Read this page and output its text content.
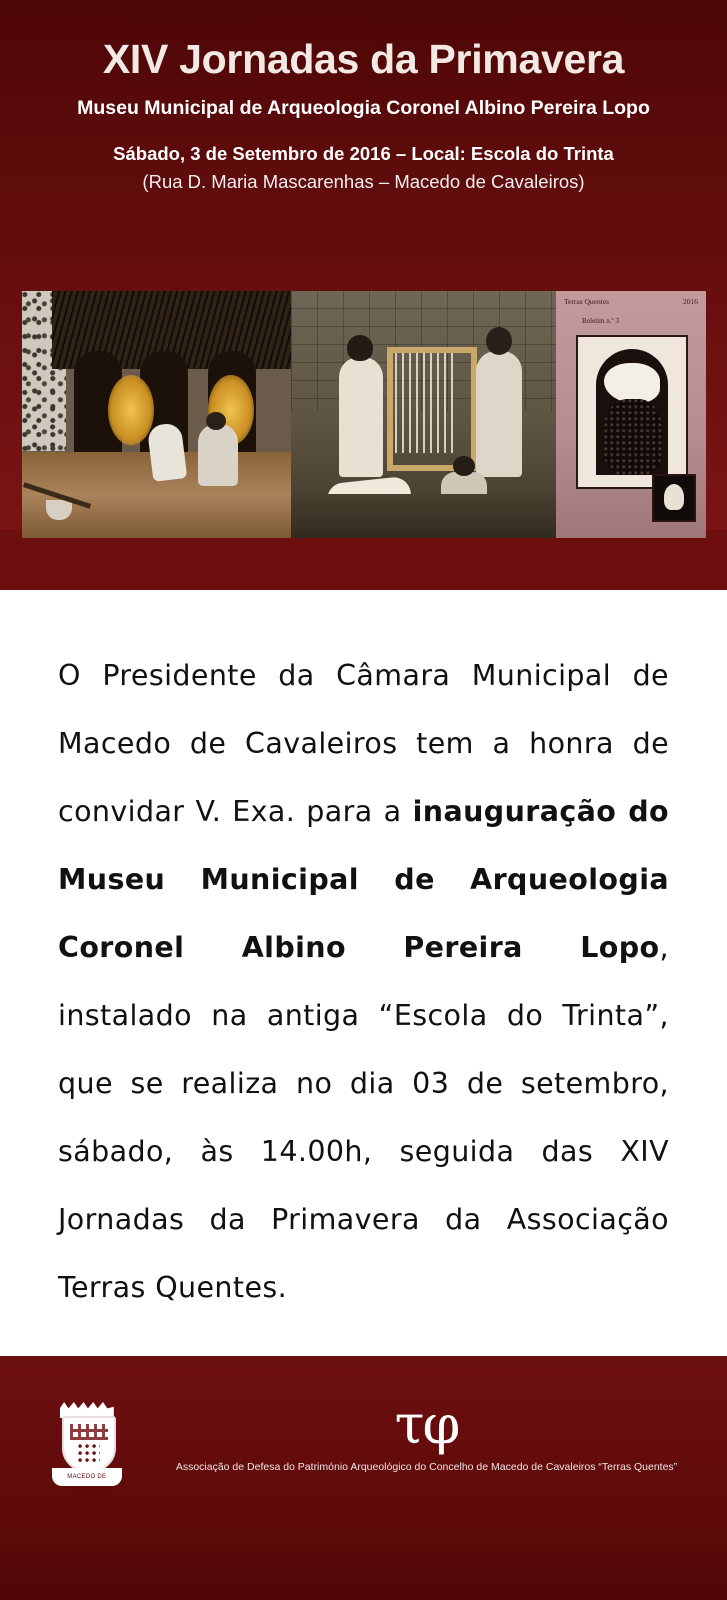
XIV Jornadas da Primavera
Museu Municipal de Arqueologia Coronel Albino Pereira Lopo
Sábado, 3 de Setembro de 2016 – Local: Escola do Trinta
(Rua D. Maria Mascarenhas – Macedo de Cavaleiros)
Terras Quentes	2016
Boletim n.º 3

O Presidente da Câmara Municipal de Macedo de Cavaleiros tem a honra de convidar V. Exa. para a inauguração do Museu Municipal de Arqueologia Coronel Albino Pereira Lopo, instalado na antiga “Escola do Trinta”, que se realiza no dia 03 de setembro, sábado, às 14.00h, seguida das XIV Jornadas da Primavera da Associação Terras Quentes.

MACEDO DE CAVALEIROS
τφ
Associação de Defesa do Património Arqueológico do Concelho de Macedo de Cavaleiros “Terras Quentes”
